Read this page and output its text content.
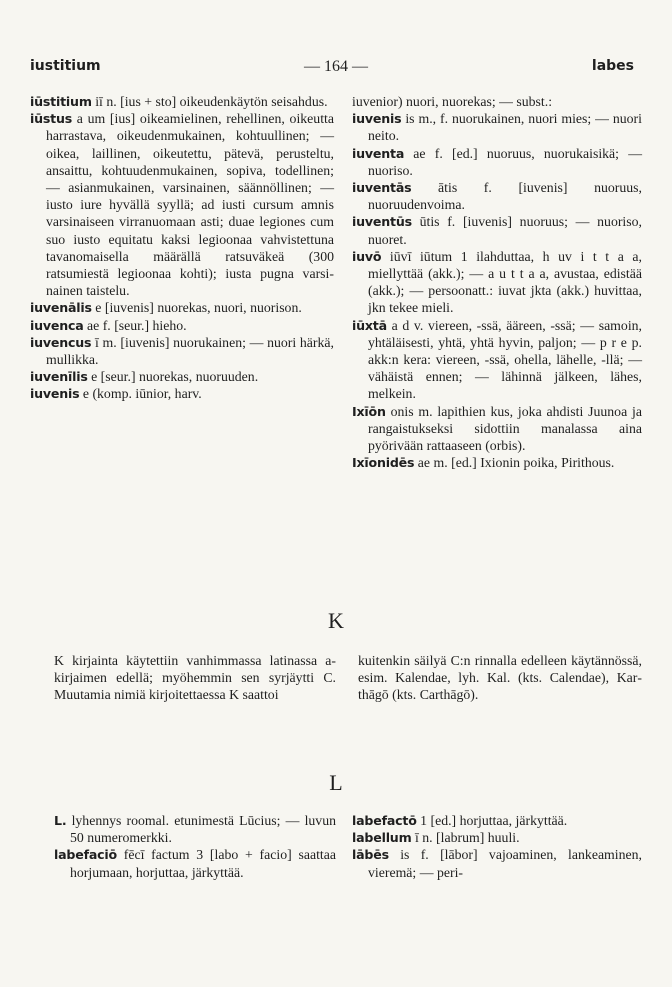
iustitium	— 164 —	labes

iūstitium iī n. [ius + sto] oikeudenkäytön seisahdus.

iūstus a um [ius] oikeamielinen, rehellinen, oikeutta harrastava, oikeudenmukainen, kohtuullinen; — oikea, laillinen, oikeutettu, pätevä, perusteltu, ansaittu, kohtuudenmukainen, sopiva, todellinen; — asianmukainen, varsinainen, säännöllinen; — iusto iure hyvällä syyllä; ad iusti cursum amnis varsinaiseen virranuomaan asti; duae legiones cum suo iusto equitatu kaksi legioonaa vahvistettuna tavanomaisella määrällä ratsuväkeä (300 ratsumiestä legioonaa kohti); iusta pugna varsinainen taistelu.

iuvenālis e [iuvenis] nuorekas, nuori, nuorison.

iuvenca ae f. [seur.] hieho.

iuvencus ī m. [iuvenis] nuorukainen; — nuori härkä, mullikka.

iuvenīlis e [seur.] nuorekas, nuoruuden.

iuvenis e (komp. iūnior, harv.

iuvenior) nuori, nuorekas; — subst.:

iuvenis is m., f. nuorukainen, nuori mies; — nuori neito.

iuventa ae f. [ed.] nuoruus, nuorukaisikä; — nuoriso.

iuventās ātis f. [iuvenis] nuoruus, nuoruudenvoima.

iuventūs ūtis f. [iuvenis] nuoruus; — nuoriso, nuoret.

iuvō iūvī iūtum 1 ilahduttaa, h uv i t t a a, miellyttää (akk.); — a u t t a a, avustaa, edistää (akk.); — persoonatt.: iuvat jkta (akk.) huvittaa, jkn tekee mieli.

iūxtā a d v. viereen, -ssä, ääreen, -ssä; — samoin, yhtäläisesti, yhtä, yhtä hyvin, paljon; — p r e p. akk:n kera: viereen, -ssä, ohella, lähelle, -llä; — vähäistä ennen; — lähinnä jälkeen, lähes, melkein.

Ixīōn onis m. lapithien kus, joka ahdisti Juunoa ja rangaistukseksi sidottiin manalassa aina pyörivään rattaaseen (orbis).

Ixīonidēs ae m. [ed.] Ixionin poika, Pirithous.

K

K kirjainta käytettiin vanhimmassa latinassa a-kirjaimen edellä; myöhemmin sen syrjäytti C. Muutamia nimiä kirjoitettaessa K saattoi

kuitenkin säilyä C:n rinnalla edelleen käytännössä, esim. Kalendae, lyh. Kal. (kts. Calendae), Karthāgō (kts. Carthāgō).

L

L. lyhennys roomal. etunimestä Lūcius; — luvun 50 numeromerkki.

labefaciō fēcī factum 3 [labo + facio] saattaa horjumaan, horjuttaa, järkyttää.

labefactō 1 [ed.] horjuttaa, järkyttää.

labellum ī n. [labrum] huuli.

lābēs is f. [lābor] vajoaminen, lankeaminen, vieremä; — peri-
